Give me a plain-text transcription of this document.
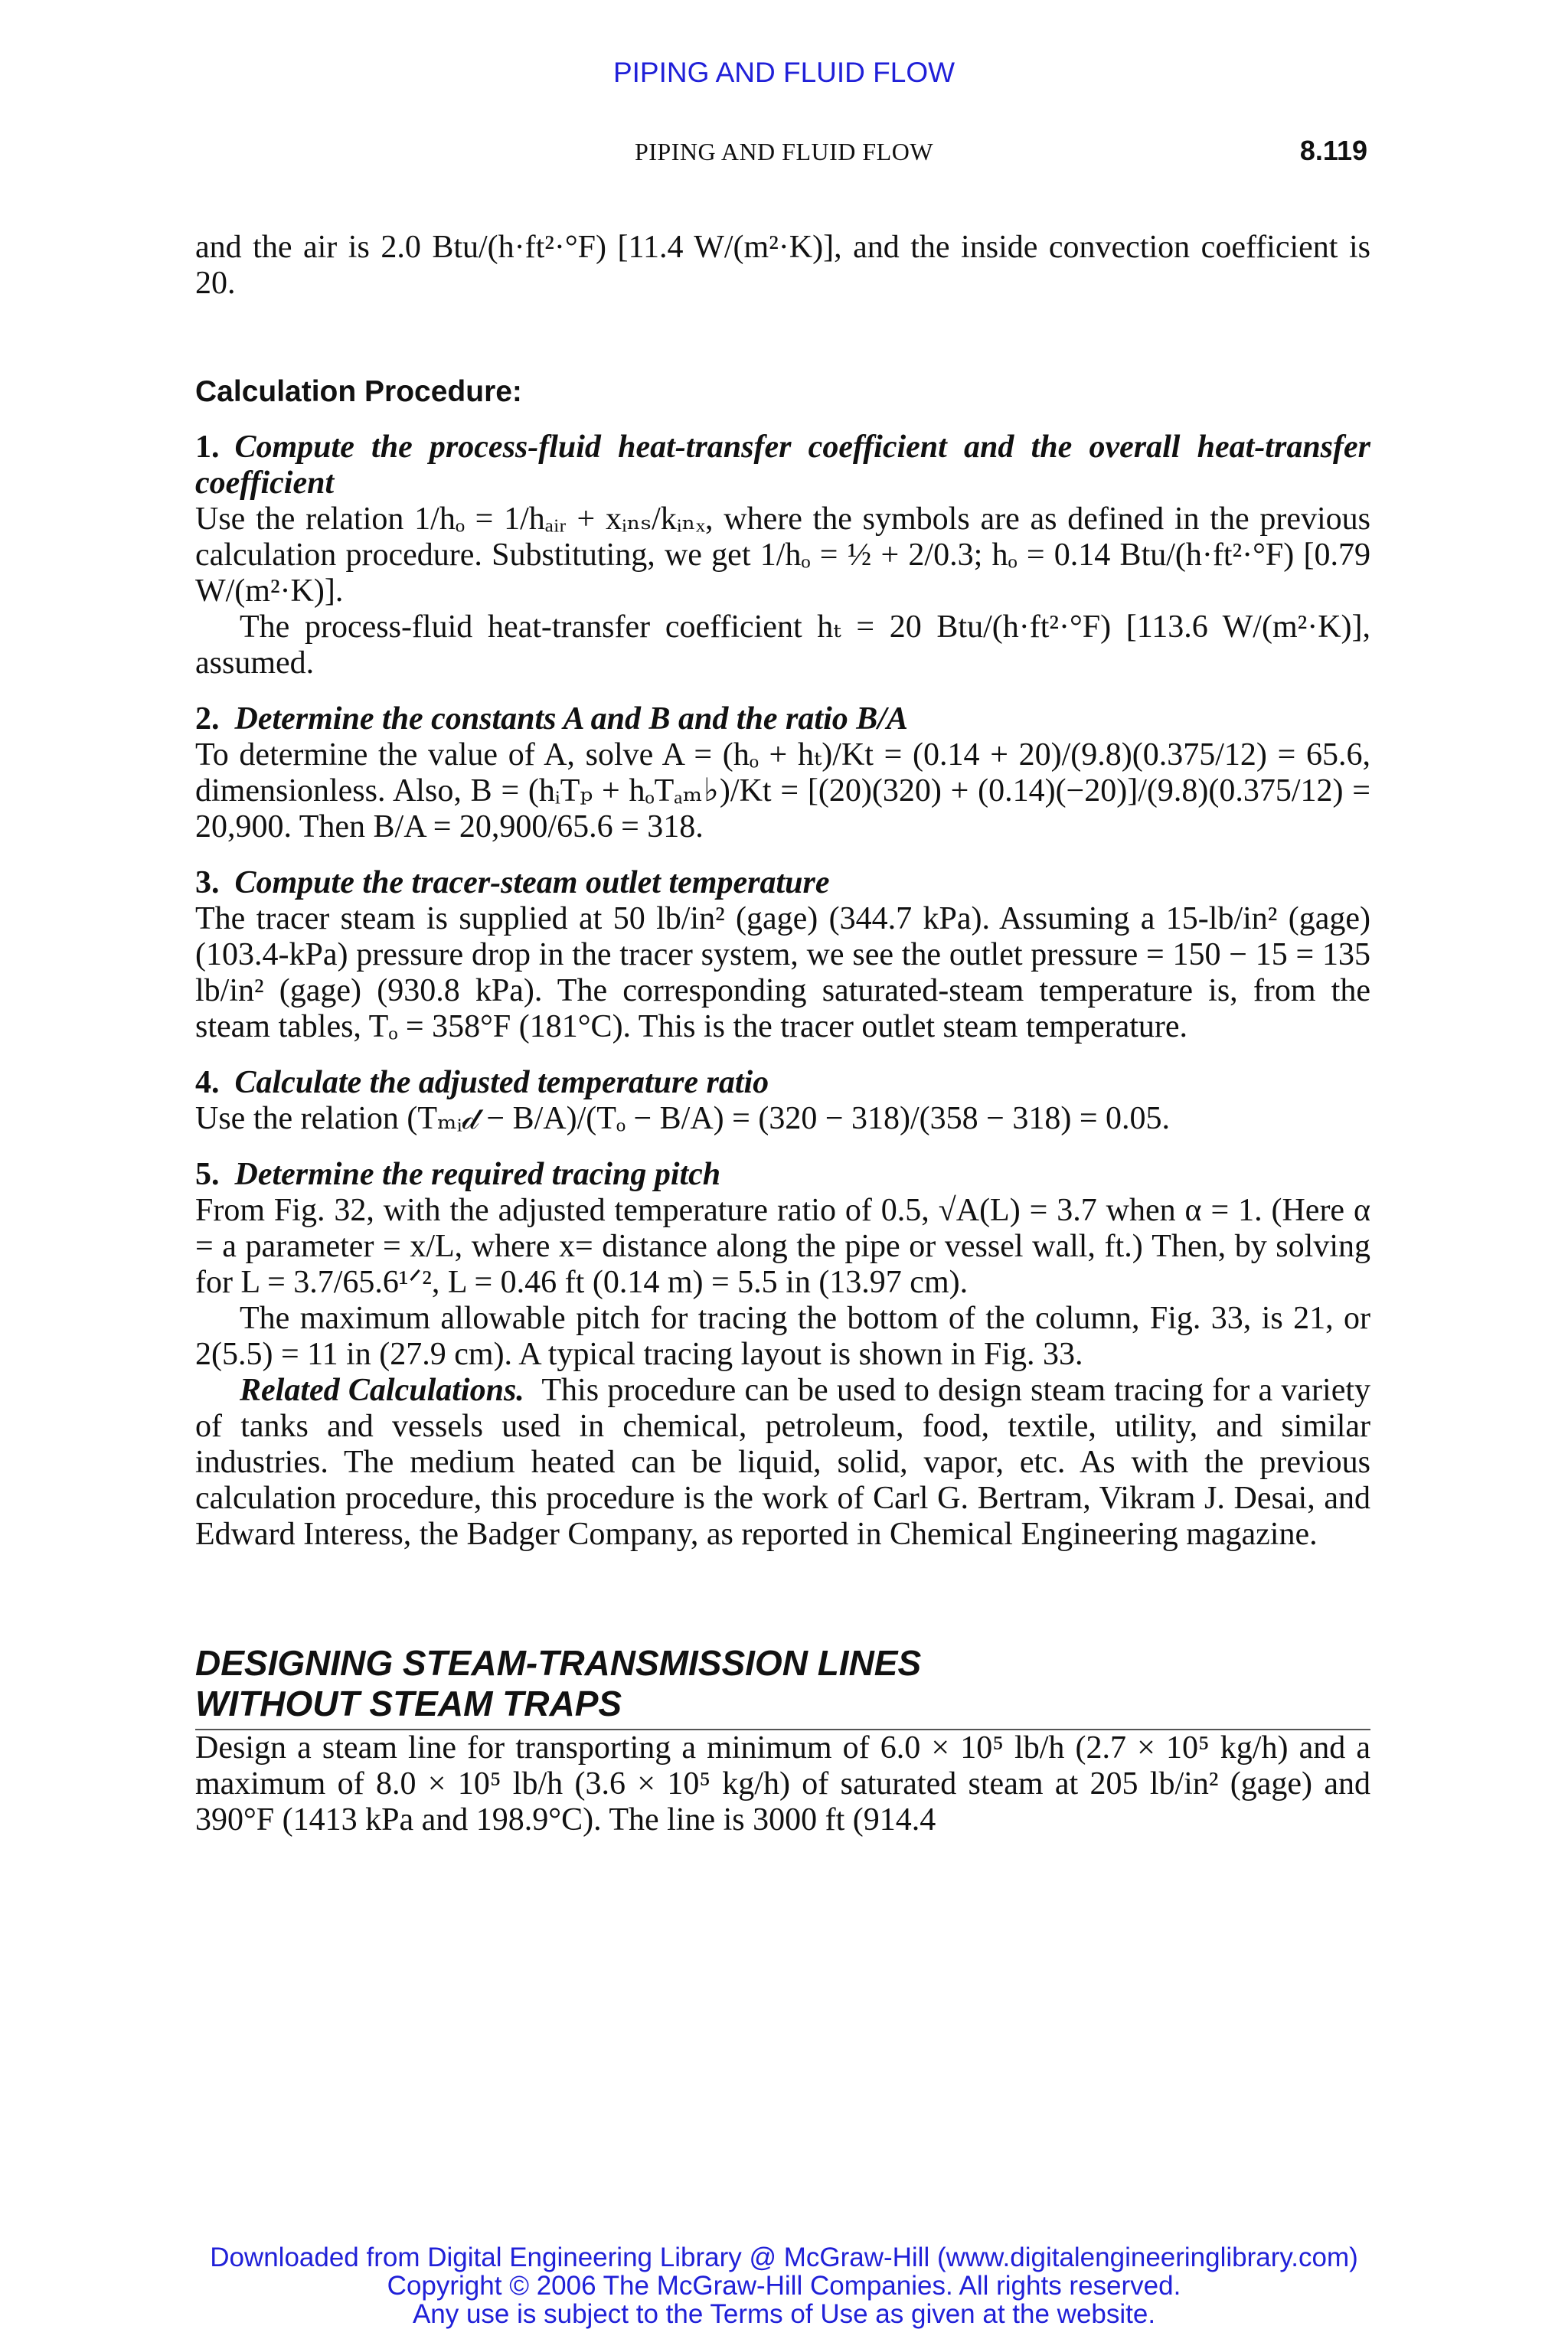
PIPING AND FLUID FLOW
PIPING AND FLUID FLOW	8.119

and the air is 2.0 Btu/(h·ft²·°F) [11.4 W/(m²·K)], and the inside convection coefficient is 20.

Calculation Procedure:

1. Compute the process-fluid heat-transfer coefficient and the overall heat-transfer coefficient

Use the relation 1/hₒ = 1/hₐᵢᵣ + xᵢₙₛ/kᵢₙₓ, where the symbols are as defined in the previous calculation procedure. Substituting, we get 1/hₒ = ½ + 2/0.3; hₒ = 0.14 Btu/(h·ft²·°F) [0.79 W/(m²·K)].

The process-fluid heat-transfer coefficient hₜ = 20 Btu/(h·ft²·°F) [113.6 W/(m²·K)], assumed.

2. Determine the constants A and B and the ratio B/A

To determine the value of A, solve A = (hₒ + hₜ)/Kt = (0.14 + 20)/(9.8)(0.375/12) = 65.6, dimensionless. Also, B = (hᵢTₚ + hₒTₐₘ♭)/Kt = [(20)(320) + (0.14)(−20)]/(9.8)(0.375/12) = 20,900. Then B/A = 20,900/65.6 = 318.

3. Compute the tracer-steam outlet temperature

The tracer steam is supplied at 50 lb/in² (gage) (344.7 kPa). Assuming a 15-lb/in² (gage) (103.4-kPa) pressure drop in the tracer system, we see the outlet pressure = 150 − 15 = 135 lb/in² (gage) (930.8 kPa). The corresponding saturated-steam temperature is, from the steam tables, Tₒ = 358°F (181°C). This is the tracer outlet steam temperature.

4. Calculate the adjusted temperature ratio

Use the relation (Tₘᵢ𝒹 − B/A)/(Tₒ − B/A) = (320 − 318)/(358 − 318) = 0.05.

5. Determine the required tracing pitch

From Fig. 32, with the adjusted temperature ratio of 0.5, √A(L) = 3.7 when α = 1. (Here α = a parameter = x/L, where x= distance along the pipe or vessel wall, ft.) Then, by solving for L = 3.7/65.6¹ᐟ², L = 0.46 ft (0.14 m) = 5.5 in (13.97 cm).

The maximum allowable pitch for tracing the bottom of the column, Fig. 33, is 21, or 2(5.5) = 11 in (27.9 cm). A typical tracing layout is shown in Fig. 33.

Related Calculations. This procedure can be used to design steam tracing for a variety of tanks and vessels used in chemical, petroleum, food, textile, utility, and similar industries. The medium heated can be liquid, solid, vapor, etc. As with the previous calculation procedure, this procedure is the work of Carl G. Bertram, Vikram J. Desai, and Edward Interess, the Badger Company, as reported in Chemical Engineering magazine.

DESIGNING STEAM-TRANSMISSION LINES
WITHOUT STEAM TRAPS

Design a steam line for transporting a minimum of 6.0 × 10⁵ lb/h (2.7 × 10⁵ kg/h) and a maximum of 8.0 × 10⁵ lb/h (3.6 × 10⁵ kg/h) of saturated steam at 205 lb/in² (gage) and 390°F (1413 kPa and 198.9°C). The line is 3000 ft (914.4

Downloaded from Digital Engineering Library @ McGraw-Hill (www.digitalengineeringlibrary.com)
Copyright © 2006 The McGraw-Hill Companies. All rights reserved.
Any use is subject to the Terms of Use as given at the website.
